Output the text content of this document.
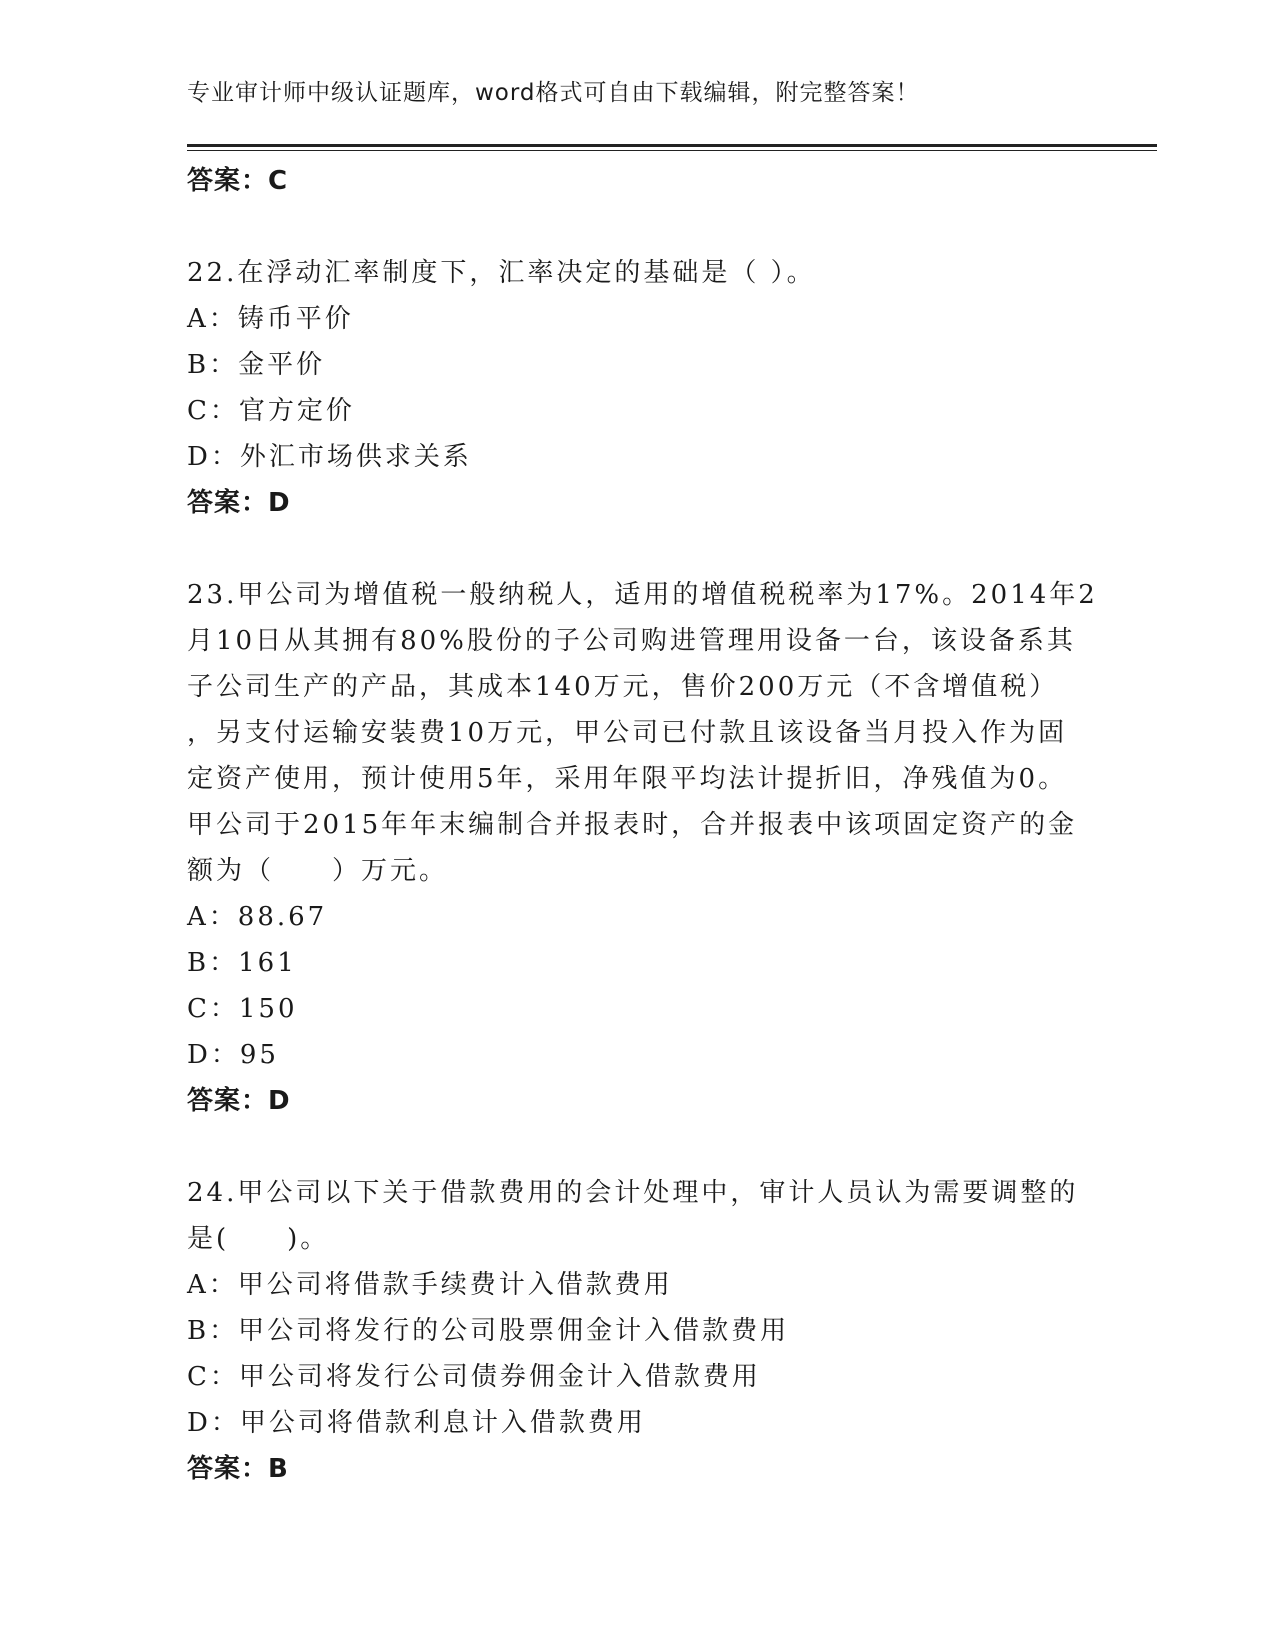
专业审计师中级认证题库，word格式可自由下载编辑，附完整答案！
答案：C
22.在浮动汇率制度下，汇率决定的基础是（ ）。
A：铸币平价
B：金平价
C：官方定价
D：外汇市场供求关系
答案：D
23.甲公司为增值税一般纳税人，适用的增值税税率为17%。2014年2
月10日从其拥有80%股份的子公司购进管理用设备一台，该设备系其
子公司生产的产品，其成本140万元，售价200万元（不含增值税）
，另支付运输安装费10万元，甲公司已付款且该设备当月投入作为固
定资产使用，预计使用5年，采用年限平均法计提折旧，净残值为0。
甲公司于2015年年末编制合并报表时，合并报表中该项固定资产的金
额为（　　）万元。
A：88.67
B：161
C：150
D：95
答案：D
24.甲公司以下关于借款费用的会计处理中，审计人员认为需要调整的
是(　　)。
A：甲公司将借款手续费计入借款费用
B：甲公司将发行的公司股票佣金计入借款费用
C：甲公司将发行公司债券佣金计入借款费用
D：甲公司将借款利息计入借款费用
答案：B
